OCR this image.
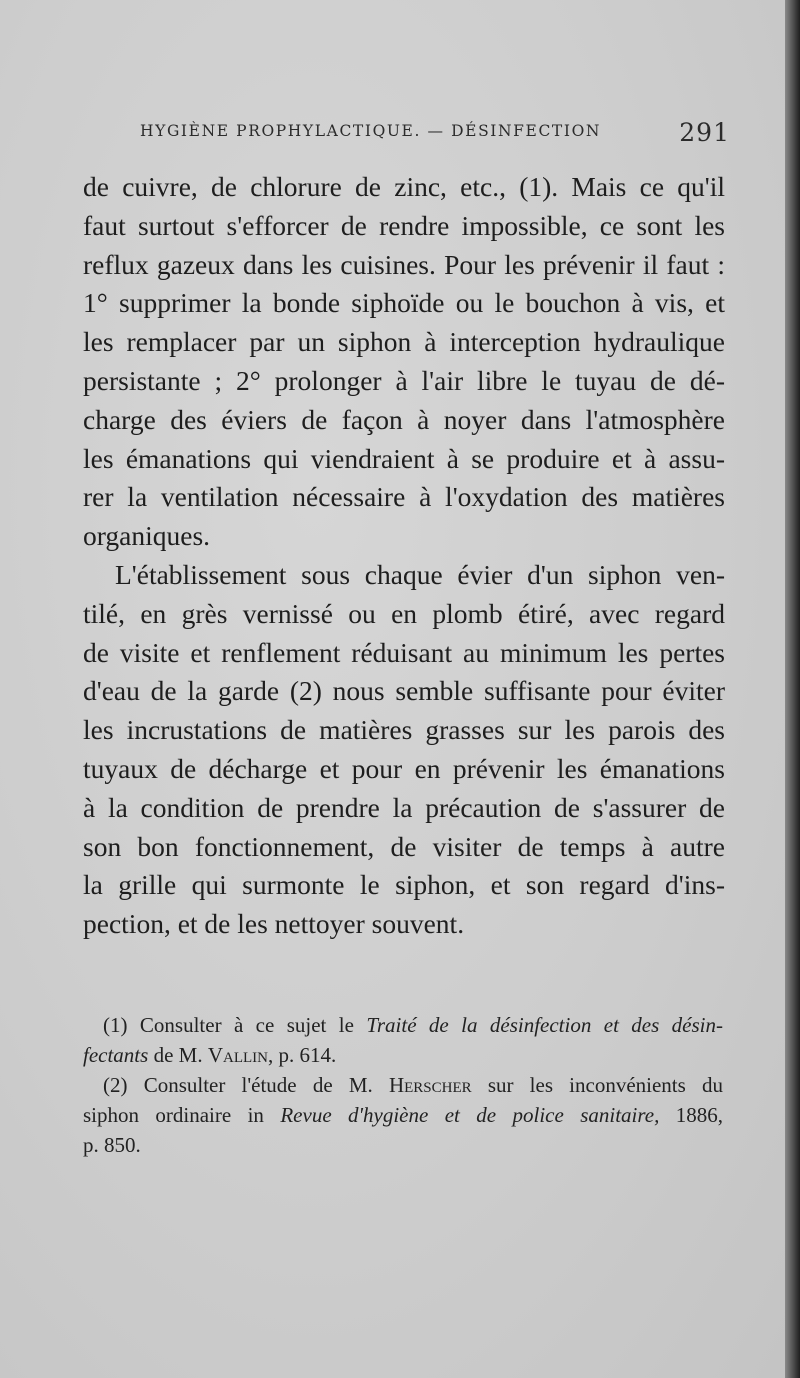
HYGIÈNE PROPHYLACTIQUE. — DÉSINFECTION	291
de cuivre, de chlorure de zinc, etc., (1). Mais ce qu'il
faut surtout s'efforcer de rendre impossible, ce sont les
reflux gazeux dans les cuisines. Pour les prévenir il faut :
1° supprimer la bonde siphoïde ou le bouchon à vis, et
les remplacer par un siphon à interception hydraulique
persistante ; 2° prolonger à l'air libre le tuyau de dé-
charge des éviers de façon à noyer dans l'atmosphère
les émanations qui viendraient à se produire et à assu-
rer la ventilation nécessaire à l'oxydation des matières
organiques.
L'établissement sous chaque évier d'un siphon ven-
tilé, en grès vernissé ou en plomb étiré, avec regard
de visite et renflement réduisant au minimum les pertes
d'eau de la garde (2) nous semble suffisante pour éviter
les incrustations de matières grasses sur les parois des
tuyaux de décharge et pour en prévenir les émanations
à la condition de prendre la précaution de s'assurer de
son bon fonctionnement, de visiter de temps à autre
la grille qui surmonte le siphon, et son regard d'ins-
pection, et de les nettoyer souvent.
(1) Consulter à ce sujet le Traité de la désinfection et des désin-
fectants de M. Vallin, p. 614.
(2) Consulter l'étude de M. Herscher sur les inconvénients du
siphon ordinaire in Revue d'hygiène et de police sanitaire, 1886,
p. 850.
